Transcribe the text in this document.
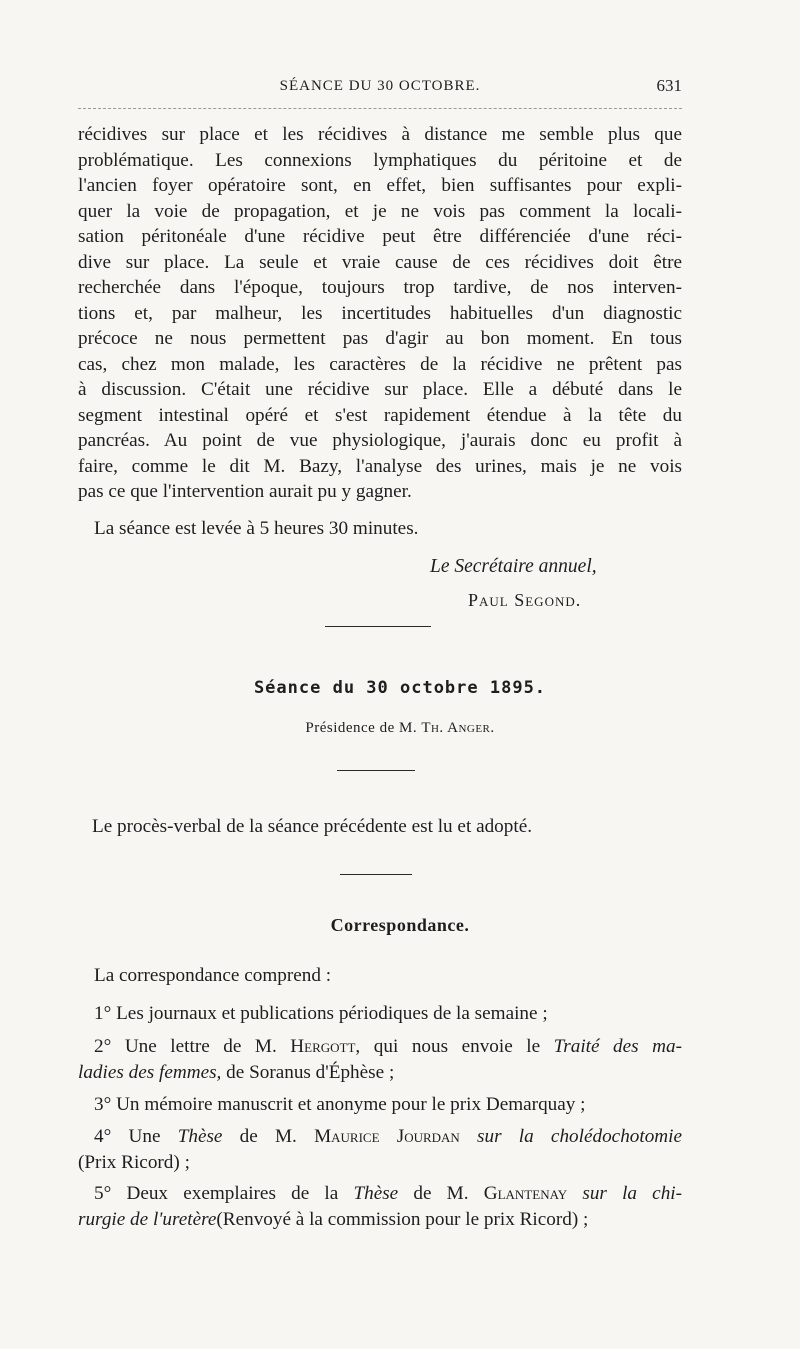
SÉANCE DU 30 OCTOBRE.	631
récidives sur place et les récidives à distance me semble plus que
problématique. Les connexions lymphatiques du péritoine et de
l'ancien foyer opératoire sont, en effet, bien suffisantes pour expli-
quer la voie de propagation, et je ne vois pas comment la locali-
sation péritonéale d'une récidive peut être différenciée d'une réci-
dive sur place. La seule et vraie cause de ces récidives doit être
recherchée dans l'époque, toujours trop tardive, de nos interven-
tions et, par malheur, les incertitudes habituelles d'un diagnostic
précoce ne nous permettent pas d'agir au bon moment. En tous
cas, chez mon malade, les caractères de la récidive ne prêtent pas
à discussion. C'était une récidive sur place. Elle a débuté dans le
segment intestinal opéré et s'est rapidement étendue à la tête du
pancréas. Au point de vue physiologique, j'aurais donc eu profit à
faire, comme le dit M. Bazy, l'analyse des urines, mais je ne vois
pas ce que l'intervention aurait pu y gagner.
La séance est levée à 5 heures 30 minutes.
Le Secrétaire annuel,
Paul Segond.
Séance du 30 octobre 1895.
Présidence de M. Th. Anger.
Le procès-verbal de la séance précédente est lu et adopté.
Correspondance.
La correspondance comprend :
1° Les journaux et publications périodiques de la semaine ;
2° Une lettre de M. Hergott, qui nous envoie le Traité des ma-
ladies des femmes, de Soranus d'Éphèse ;
3° Un mémoire manuscrit et anonyme pour le prix Demarquay ;
4° Une Thèse de M. Maurice Jourdan sur la cholédochotomie
(Prix Ricord) ;
5° Deux exemplaires de la Thèse de M. Glantenay sur la chi-
rurgie de l'uretère(Renvoyé à la commission pour le prix Ricord) ;
